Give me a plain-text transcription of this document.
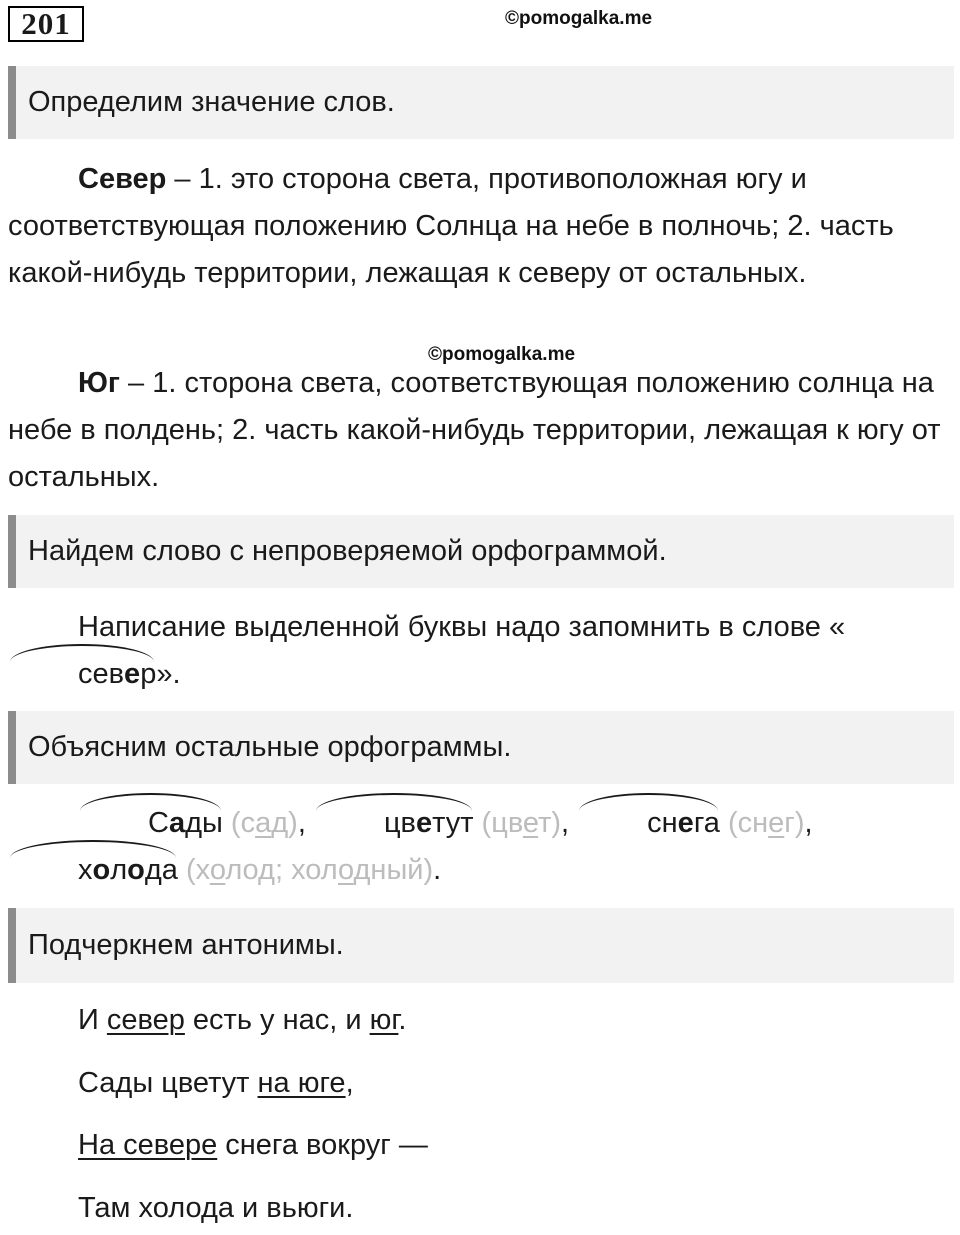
201	©pomogalka.me
Определим значение слов.
Север – 1. это сторона света, противоположная югу и соответствующая положению Солнца на небе в полночь; 2. часть какой-нибудь территории, лежащая к северу от остальных.
©pomogalka.me
Юг – 1. сторона света, соответствующая положению солнца на небе в полдень; 2. часть какой-нибудь территории, лежащая к югу от остальных.
Найдем слово с непроверяемой орфограммой.
Написание выделенной буквы надо запомнить в слове «север».
Объясним остальные орфограммы.
Сады (сад), цветут (цвет), снега (снег), холода (холод; холодный).
Подчеркнем антонимы.
И север есть у нас, и юг.
Сады цветут на юге,
На севере снега вокруг —
Там холода и вьюги.
